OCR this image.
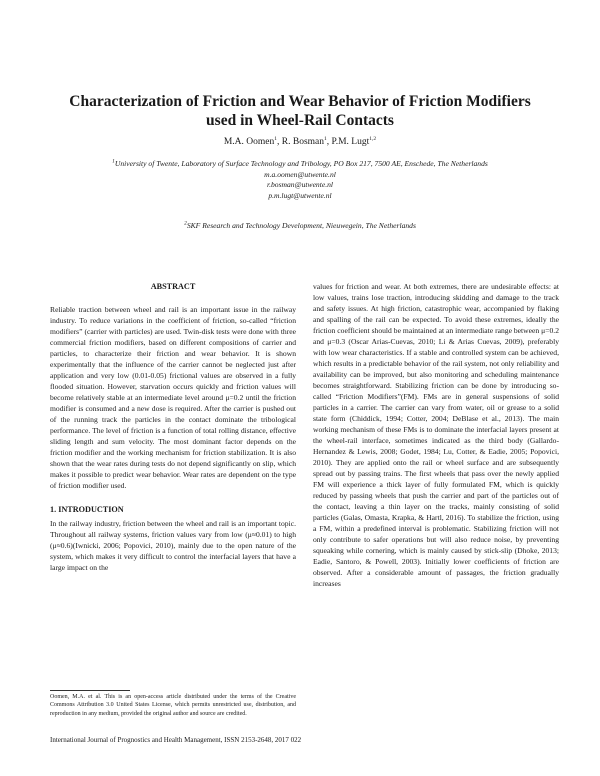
Characterization of Friction and Wear Behavior of Friction Modifiers used in Wheel-Rail Contacts
M.A. Oomen$^1$, R. Bosman$^1$, P.M. Lugt$^{1,2}$
$^1$University of Twente, Laboratory of Surface Technology and Tribology, PO Box 217, 7500 AE, Enschede, The Netherlands
m.a.oomen@utwente.nl
r.bosman@utwente.nl
p.m.lugt@utwente.nl
$^2$SKF Research and Technology Development, Nieuwegein, The Netherlands
ABSTRACT

Reliable traction between wheel and rail is an important issue in the railway industry. To reduce variations in the coefficient of friction, so-called “friction modifiers” (carrier with particles) are used. Twin-disk tests were done with three commercial friction modifiers, based on different compositions of carrier and particles, to characterize their friction and wear behavior. It is shown experimentally that the influence of the carrier cannot be neglected just after application and very low (0.01-0.05) frictional values are observed in a fully flooded situation. However, starvation occurs quickly and friction values will become relatively stable at an intermediate level around μ=0.2 until the friction modifier is consumed and a new dose is required. After the carrier is pushed out of the running track the particles in the contact dominate the tribological performance. The level of friction is a function of total rolling distance, effective sliding length and sum velocity. The most dominant factor depends on the friction modifier and the working mechanism for friction stabilization. It is also shown that the wear rates during tests do not depend significantly on slip, which makes it possible to predict wear behavior. Wear rates are dependent on the type of friction modifier used.

1. INTRODUCTION

In the railway industry, friction between the wheel and rail is an important topic. Throughout all railway systems, friction values vary from low (μ≈0.01) to high (μ≈0.6)(Iwnicki, 2006; Popovici, 2010), mainly due to the open nature of the system, which makes it very difficult to control the interfacial layers that have a large impact on the

values for friction and wear. At both extremes, there are undesirable effects: at low values, trains lose traction, introducing skidding and damage to the track and safety issues. At high friction, catastrophic wear, accompanied by flaking and spalling of the rail can be expected. To avoid these extremes, ideally the friction coefficient should be maintained at an intermediate range between μ=0.2 and μ=0.3 (Oscar Arias-Cuevas, 2010; Li & Arias Cuevas, 2009), preferably with low wear characteristics. If a stable and controlled system can be achieved, which results in a predictable behavior of the rail system, not only reliability and availability can be improved, but also monitoring and scheduling maintenance becomes straightforward. Stabilizing friction can be done by introducing so-called “Friction Modifiers”(FM). FMs are in general suspensions of solid particles in a carrier. The carrier can vary from water, oil or grease to a solid state form (Chiddick, 1994; Cotter, 2004; DeBlase et al., 2013). The main working mechanism of these FMs is to dominate the interfacial layers present at the wheel-rail interface, sometimes indicated as the third body (Gallardo-Hernandez & Lewis, 2008; Godet, 1984; Lu, Cotter, & Eadie, 2005; Popovici, 2010). They are applied onto the rail or wheel surface and are subsequently spread out by passing trains. The first wheels that pass over the newly applied FM will experience a thick layer of fully formulated FM, which is quickly reduced by passing wheels that push the carrier and part of the particles out of the contact, leaving a thin layer on the tracks, mainly consisting of solid particles (Galas, Omasta, Krapka, & Hartl, 2016). To stabilize the friction, using a FM, within a predefined interval is problematic. Stabilizing friction will not only contribute to safer operations but will also reduce noise, by preventing squeaking while cornering, which is mainly caused by stick-slip (Dhoke, 2013; Eadie, Santoro, & Powell, 2003). Initially lower coefficients of friction are observed. After a considerable amount of passages, the friction gradually increases

Oomen, M.A. et al. This is an open-access article distributed under the terms of the Creative Commons Attribution 3.0 United States License, which permits unrestricted use, distribution, and reproduction in any medium, provided the original author and source are credited.
International Journal of Prognostics and Health Management, ISSN 2153-2648, 2017 022
